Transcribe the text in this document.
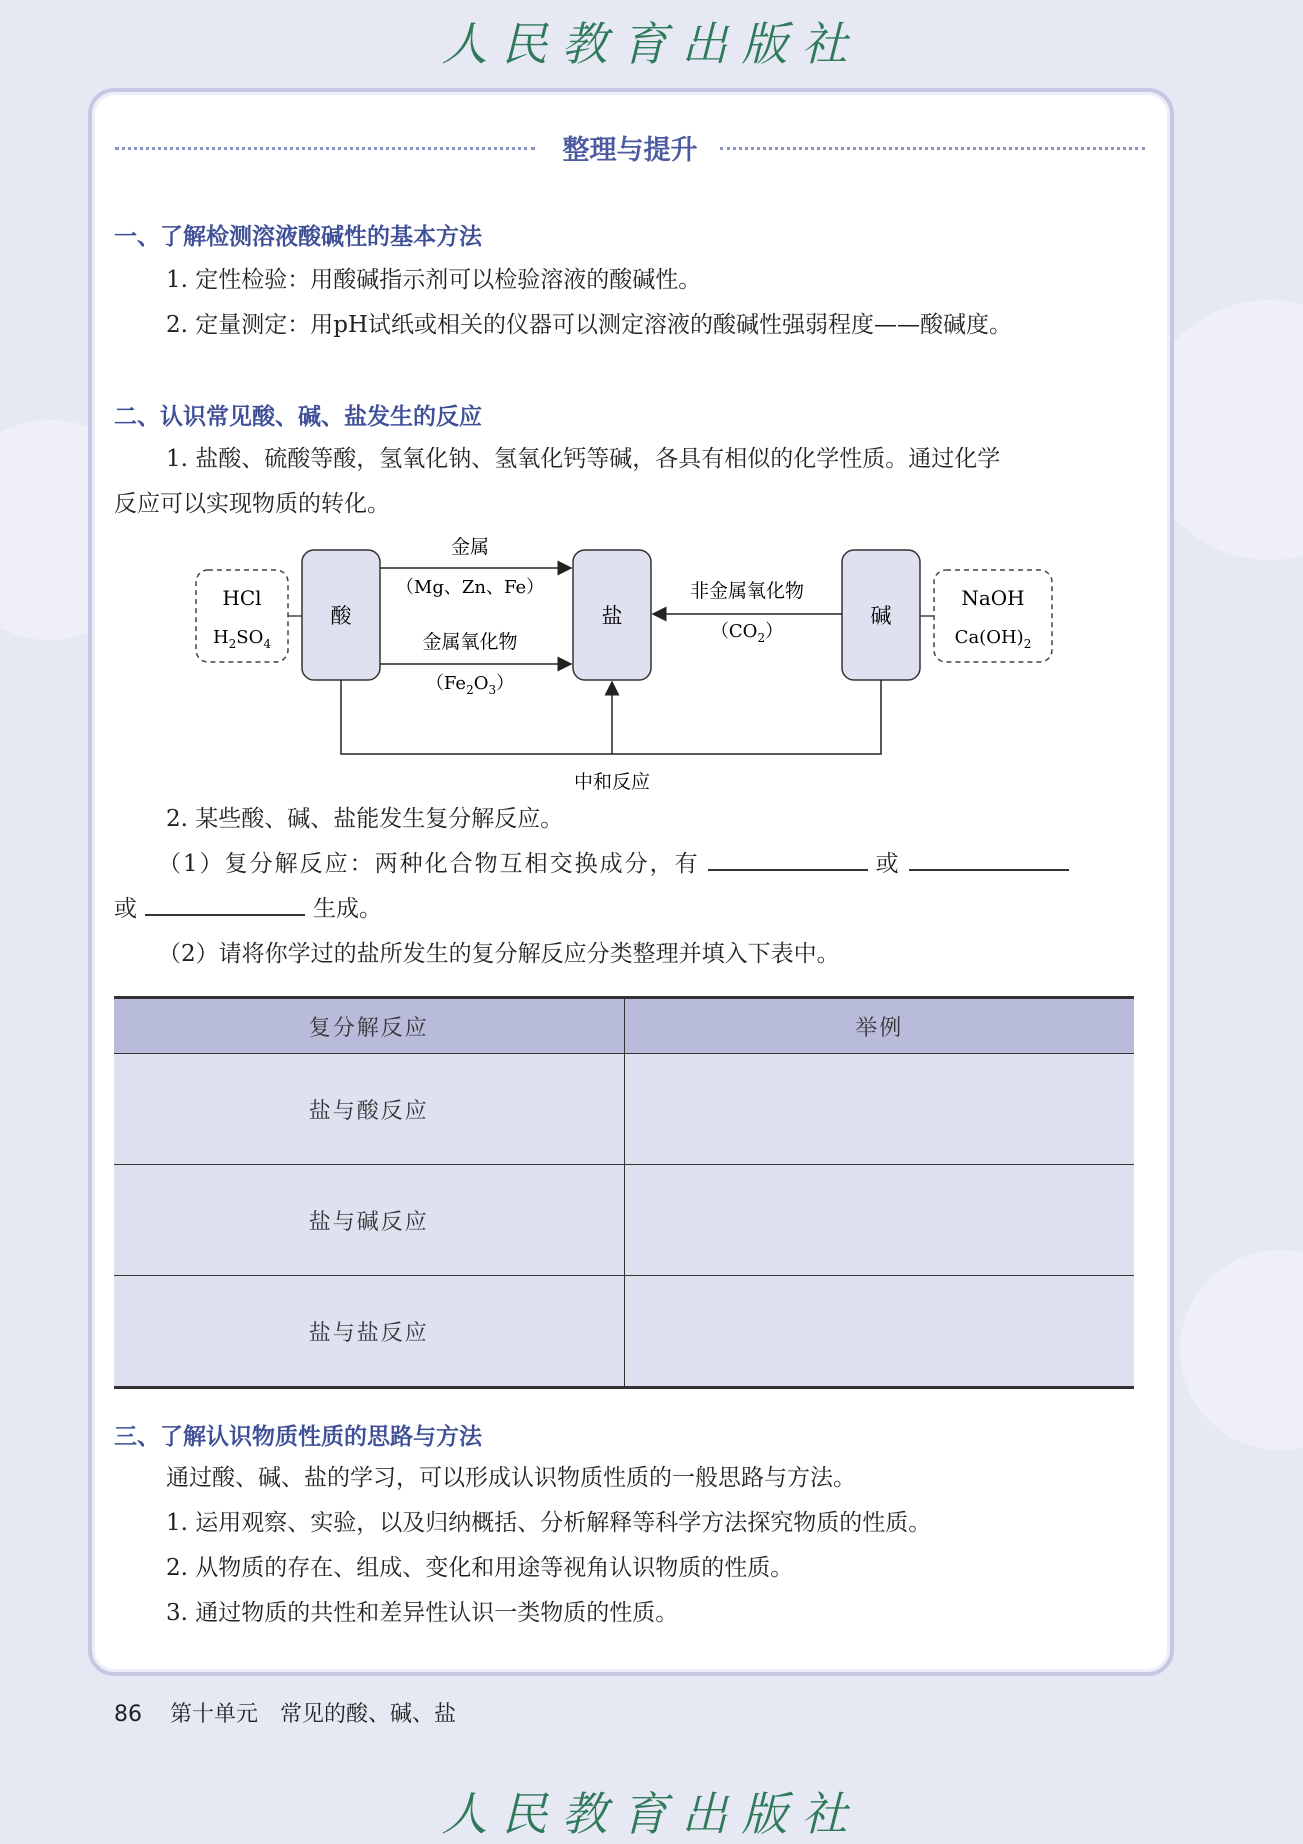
人民教育出版社
整理与提升
一、了解检测溶液酸碱性的基本方法
1. 定性检验：用酸碱指示剂可以检验溶液的酸碱性。
2. 定量测定：用pH试纸或相关的仪器可以测定溶液的酸碱性强弱程度——酸碱度。
二、认识常见酸、碱、盐发生的反应
1. 盐酸、硫酸等酸，氢氧化钠、氢氧化钙等碱，各具有相似的化学性质。通过化学
反应可以实现物质的转化。
HCl
$H_2SO_4$
酸	盐	碱
NaOH
$Ca(OH)_2$
金属
（Mg、Zn、Fe）
金属氧化物
$(Fe_2O_3)$
非金属氧化物
$(CO_2)$
中和反应
2. 某些酸、碱、盐能发生复分解反应。
（1）复分解反应：两种化合物互相交换成分，有	或
或	生成。
（2）请将你学过的盐所发生的复分解反应分类整理并填入下表中。
复分解反应	举例
盐与酸反应	
盐与碱反应	
盐与盐反应	
三、了解认识物质性质的思路与方法
通过酸、碱、盐的学习，可以形成认识物质性质的一般思路与方法。
1. 运用观察、实验，以及归纳概括、分析解释等科学方法探究物质的性质。
2. 从物质的存在、组成、变化和用途等视角认识物质的性质。
3. 通过物质的共性和差异性认识一类物质的性质。
86 第十单元　常见的酸、碱、盐
人民教育出版社
